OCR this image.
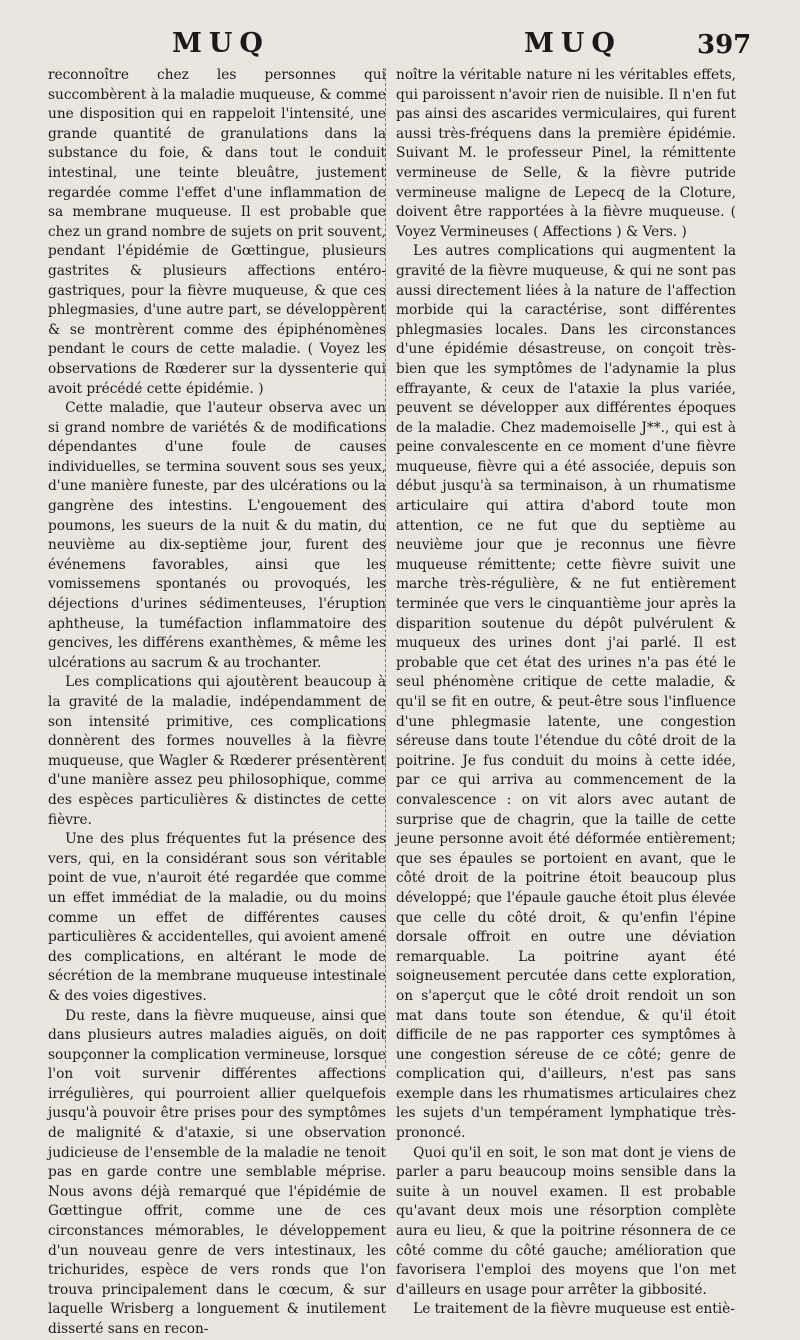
MUQ	MUQ	397

reconnoître chez les personnes qui succombèrent à la maladie muqueuse, & comme une disposition qui en rappeloit l'intensité, une grande quantité de granulations dans la substance du foie, & dans tout le conduit intestinal, une teinte bleuâtre, justement regardée comme l'effet d'une inflammation de sa membrane muqueuse. Il est probable que chez un grand nombre de sujets on prit souvent, pendant l'épidémie de Gœttingue, plusieurs gastrites & plusieurs affections entéro-gastriques, pour la fièvre muqueuse, & que ces phlegmasies, d'une autre part, se développèrent & se montrèrent comme des épiphénomènes pendant le cours de cette maladie. ( Voyez les observations de Rœderer sur la dyssenterie qui avoit précédé cette épidémie. )

Cette maladie, que l'auteur observa avec un si grand nombre de variétés & de modifications dépendantes d'une foule de causes individuelles, se termina souvent sous ses yeux, d'une manière funeste, par des ulcérations ou la gangrène des intestins. L'engouement des poumons, les sueurs de la nuit & du matin, du neuvième au dix-septième jour, furent des événemens favorables, ainsi que les vomissemens spontanés ou provoqués, les déjections d'urines sédimenteuses, l'éruption aphtheuse, la tuméfaction inflammatoire des gencives, les différens exanthèmes, & même les ulcérations au sacrum & au trochanter.

Les complications qui ajoutèrent beaucoup à la gravité de la maladie, indépendamment de son intensité primitive, ces complications donnèrent des formes nouvelles à la fièvre muqueuse, que Wagler & Rœderer présentèrent d'une manière assez peu philosophique, comme des espèces particulières & distinctes de cette fièvre.

Une des plus fréquentes fut la présence des vers, qui, en la considérant sous son véritable point de vue, n'auroit été regardée que comme un effet immédiat de la maladie, ou du moins comme un effet de différentes causes particulières & accidentelles, qui avoient amené des complications, en altérant le mode de sécrétion de la membrane muqueuse intestinale & des voies digestives.

Du reste, dans la fièvre muqueuse, ainsi que dans plusieurs autres maladies aiguës, on doit soupçonner la complication vermineuse, lorsque l'on voit survenir différentes affections irrégulières, qui pourroient allier quelquefois jusqu'à pouvoir être prises pour des symptômes de malignité & d'ataxie, si une observation judicieuse de l'ensemble de la maladie ne tenoit pas en garde contre une semblable méprise. Nous avons déjà remarqué que l'épidémie de Gœttingue offrit, comme une de ces circonstances mémorables, le développement d'un nouveau genre de vers intestinaux, les trichurides, espèce de vers ronds que l'on trouva principalement dans le cœcum, & sur laquelle Wrisberg a longuement & inutilement disserté sans en recon-

noître la véritable nature ni les véritables effets, qui paroissent n'avoir rien de nuisible. Il n'en fut pas ainsi des ascarides vermiculaires, qui furent aussi très-fréquens dans la première épidémie. Suivant M. le professeur Pinel, la rémittente vermineuse de Selle, & la fièvre putride vermineuse maligne de Lepecq de la Cloture, doivent être rapportées à la fièvre muqueuse. ( Voyez Vermineuses ( Affections ) & Vers. )

Les autres complications qui augmentent la gravité de la fièvre muqueuse, & qui ne sont pas aussi directement liées à la nature de l'affection morbide qui la caractérise, sont différentes phlegmasies locales. Dans les circonstances d'une épidémie désastreuse, on conçoit très-bien que les symptômes de l'adynamie la plus effrayante, & ceux de l'ataxie la plus variée, peuvent se développer aux différentes époques de la maladie. Chez mademoiselle J**., qui est à peine convalescente en ce moment d'une fièvre muqueuse, fièvre qui a été associée, depuis son début jusqu'à sa terminaison, à un rhumatisme articulaire qui attira d'abord toute mon attention, ce ne fut que du septième au neuvième jour que je reconnus une fièvre muqueuse rémittente; cette fièvre suivit une marche très-régulière, & ne fut entièrement terminée que vers le cinquantième jour après la disparition soutenue du dépôt pulvérulent & muqueux des urines dont j'ai parlé. Il est probable que cet état des urines n'a pas été le seul phénomène critique de cette maladie, & qu'il se fit en outre, & peut-être sous l'influence d'une phlegmasie latente, une congestion séreuse dans toute l'étendue du côté droit de la poitrine. Je fus conduit du moins à cette idée, par ce qui arriva au commencement de la convalescence : on vit alors avec autant de surprise que de chagrin, que la taille de cette jeune personne avoit été déformée entièrement; que ses épaules se portoient en avant, que le côté droit de la poitrine étoit beaucoup plus développé; que l'épaule gauche étoit plus élevée que celle du côté droit, & qu'enfin l'épine dorsale offroit en outre une déviation remarquable. La poitrine ayant été soigneusement percutée dans cette exploration, on s'aperçut que le côté droit rendoit un son mat dans toute son étendue, & qu'il étoit difficile de ne pas rapporter ces symptômes à une congestion séreuse de ce côté; genre de complication qui, d'ailleurs, n'est pas sans exemple dans les rhumatismes articulaires chez les sujets d'un tempérament lymphatique très-prononcé.

Quoi qu'il en soit, le son mat dont je viens de parler a paru beaucoup moins sensible dans la suite à un nouvel examen. Il est probable qu'avant deux mois une résorption complète aura eu lieu, & que la poitrine résonnera de ce côté comme du côté gauche; amélioration que favorisera l'emploi des moyens que l'on met d'ailleurs en usage pour arrêter la gibbosité.

Le traitement de la fièvre muqueuse est entiè-
